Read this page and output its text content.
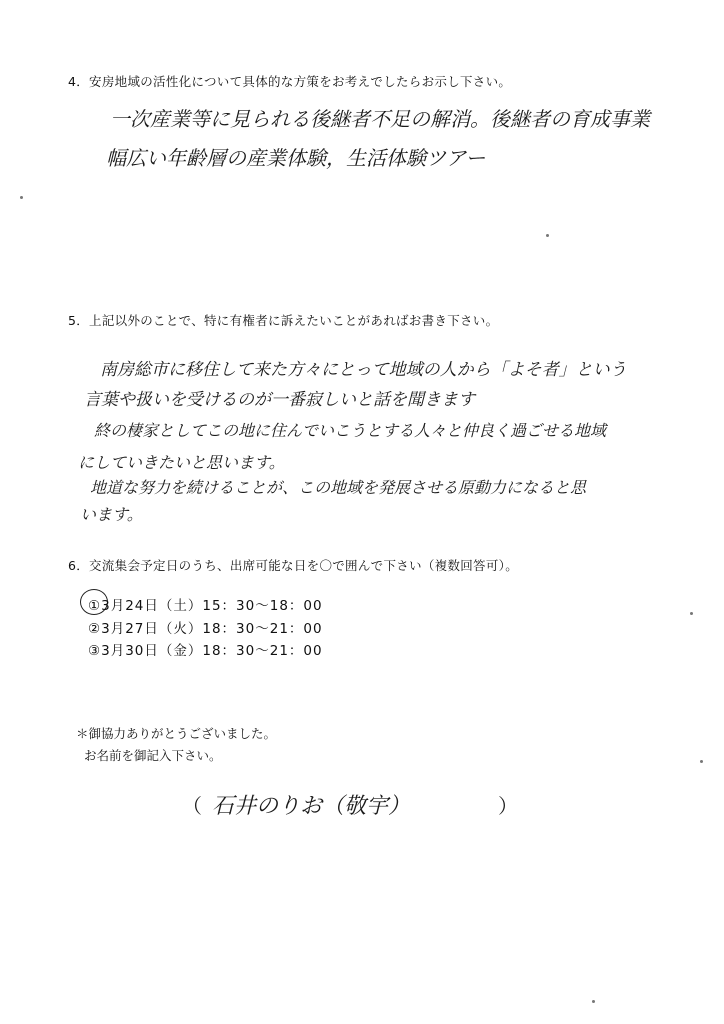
4．安房地域の活性化について具体的な方策をお考えでしたらお示し下さい。
一次産業等に見られる後継者不足の解消。後継者の育成事業
幅広い年齢層の産業体験，生活体験ツアー
5．上記以外のことで、特に有権者に訴えたいことがあればお書き下さい。
南房総市に移住して来た方々にとって地域の人から「よそ者」という
言葉や扱いを受けるのが一番寂しいと話を聞きます
終の棲家としてこの地に住んでいこうとする人々と仲良く過ごせる地域
にしていきたいと思います。
地道な努力を続けることが、この地域を発展させる原動力になると思
います。
6．交流集会予定日のうち、出席可能な日を〇で囲んで下さい（複数回答可）。
①3月24日（土）15：30～18：00
②3月27日（火）18：30～21：00
③3月30日（金）18：30～21：00
＊御協力ありがとうございました。
お名前を御記入下さい。
（ 石井のりお（敬宇）	）
